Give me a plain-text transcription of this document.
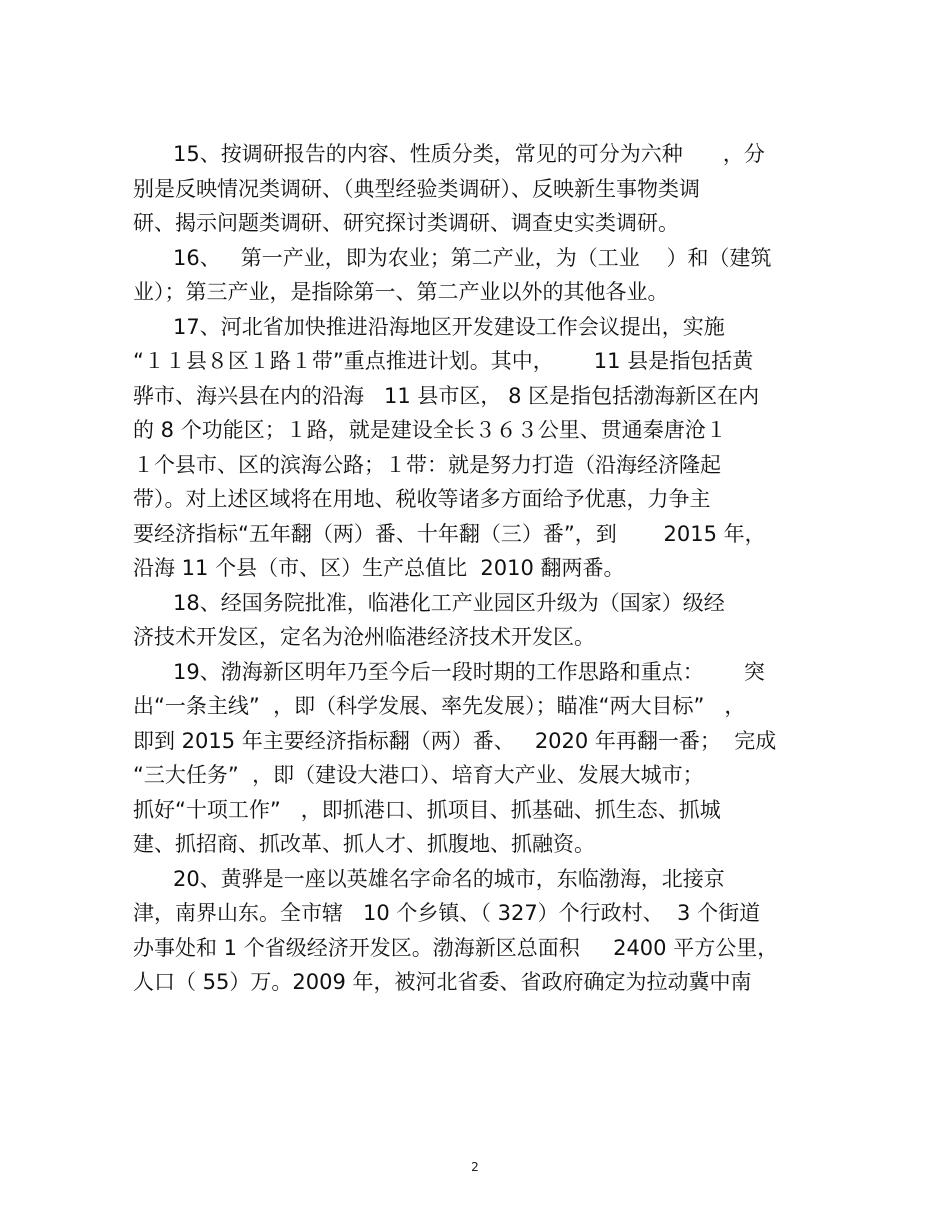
15、按调研报告的内容、性质分类，常见的可分为六种      ，分
别是反映情况类调研、（典型经验类调研）、反映新生事物类调
研、揭示问题类调研、研究探讨类调研、调查史实类调研。
16、   第一产业，即为农业；第二产业，为（工业    ）和（建筑
业）；第三产业，是指除第一、第二产业以外的其他各业。
17、河北省加快推进沿海地区开发建设工作会议提出，实施
“１１县８区１路１带”重点推进计划。其中，      11 县是指包括黄
骅市、海兴县在内的沿海   11 县市区， 8 区是指包括渤海新区在内
的 8 个功能区；１路，就是建设全长３６３公里、贯通秦唐沧１
１个县市、区的滨海公路；１带：就是努力打造（沿海经济隆起
带）。对上述区域将在用地、税收等诸多方面给予优惠，力争主
要经济指标“五年翻（两）番、十年翻（三）番”，到       2015 年，
沿海 11 个县（市、区）生产总值比  2010 翻两番。
18、经国务院批准，临港化工产业园区升级为（国家）级经
济技术开发区，定名为沧州临港经济技术开发区。
19、渤海新区明年乃至今后一段时期的工作思路和重点：      突
出“一条主线”  ，即（科学发展、率先发展）；瞄准“两大目标”   ，
即到 2015 年主要经济指标翻（两）番、   2020 年再翻一番；  完成
“三大任务”  ，即（建设大港口）、培育大产业、发展大城市；
抓好“十项工作”   ，即抓港口、抓项目、抓基础、抓生态、抓城
建、抓招商、抓改革、抓人才、抓腹地、抓融资。
20、黄骅是一座以英雄名字命名的城市，东临渤海，北接京
津，南界山东。全市辖   10 个乡镇、（ 327）个行政村、  3 个街道
办事处和 1 个省级经济开发区。渤海新区总面积     2400 平方公里，
人口（ 55）万。2009 年，被河北省委、省政府确定为拉动冀中南
2
